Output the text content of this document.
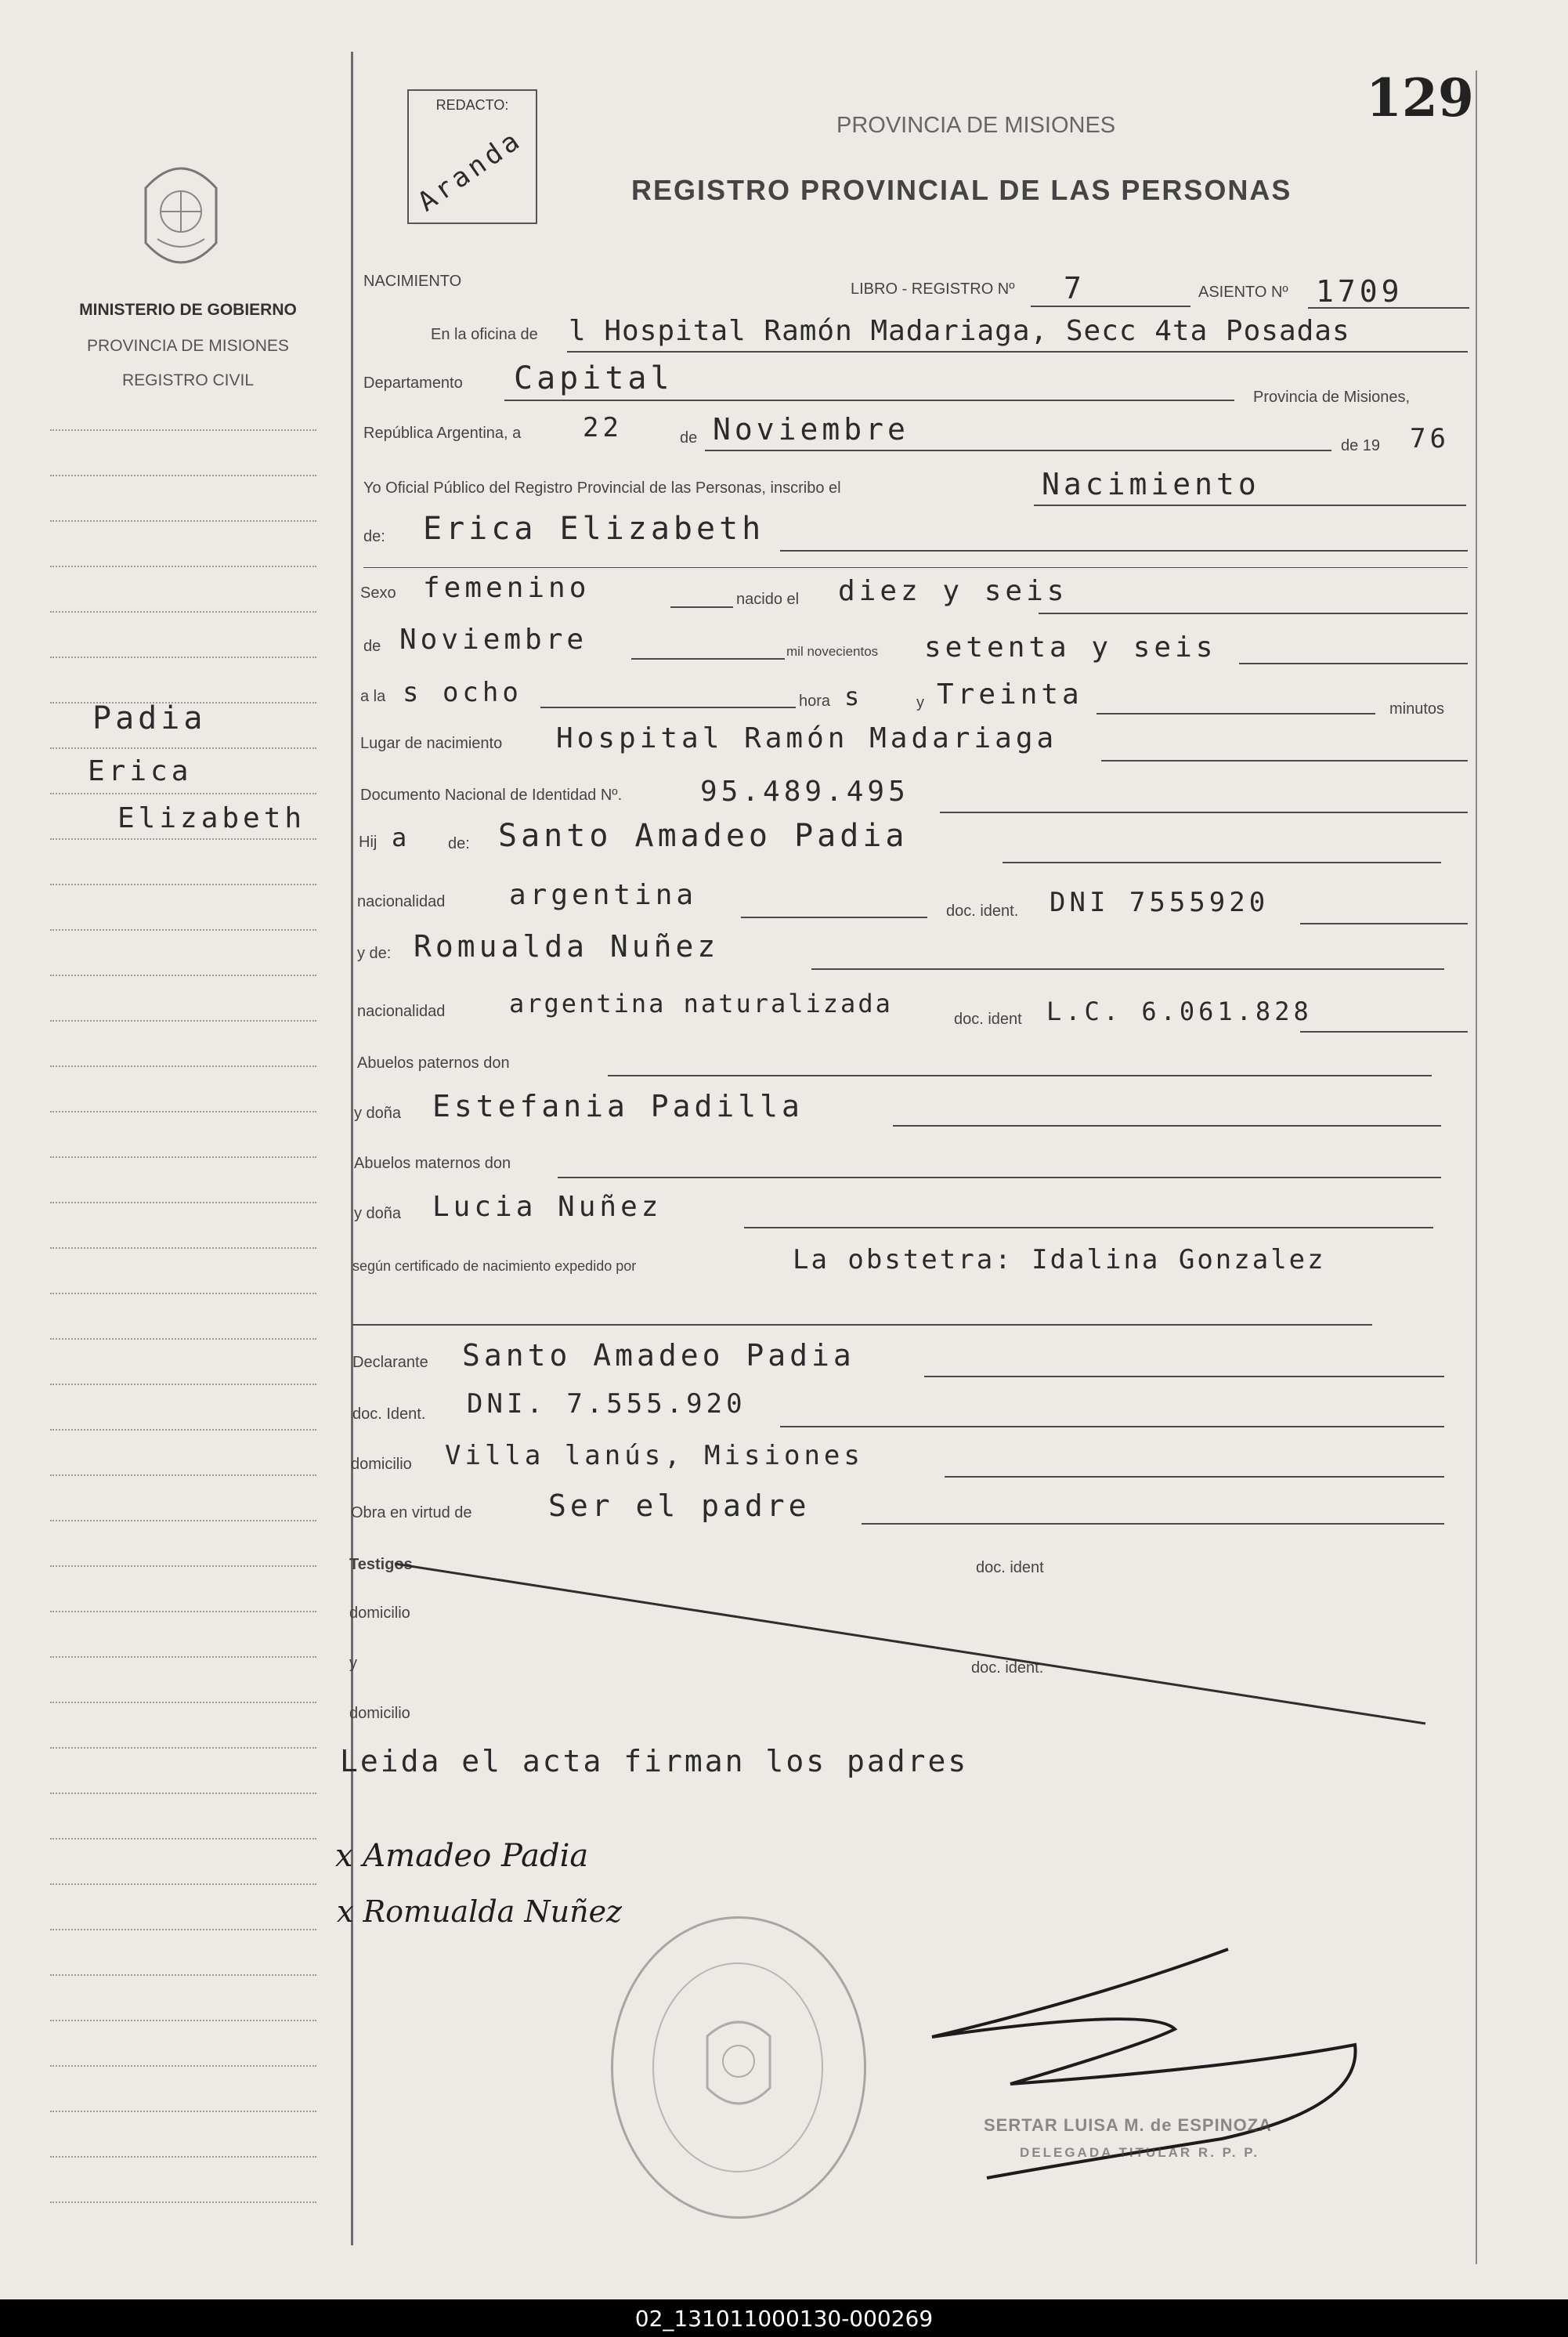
MINISTERIO DE GOBIERNO
PROVINCIA DE MISIONES
REGISTRO CIVIL
Padia
Erica
Elizabeth
129
REDACTO:
Aranda	PROVINCIA DE MISIONES
REGISTRO PROVINCIAL DE LAS PERSONAS
NACIMIENTO	LIBRO - REGISTRO Nº 7	ASIENTO Nº 1709
En la oficina de l Hospital Ramón Madariaga, Secc 4ta Posadas
Departamento Capital
Provincia de Misiones,
República Argentina, a 22	de Noviembre	de 19 76
Yo Oficial Público del Registro Provincial de las Personas, inscribo el	Nacimiento
de: Erica Elizabeth
Sexo femenino	nacido el diez y seis
de Noviembre	mil novecientos setenta y seis
a la s ocho	hora s	y Treinta	minutos
Lugar de nacimiento Hospital Ramón Madariaga
Documento Nacional de Identidad Nº.	95.489.495
Hij a de: Santo Amadeo Padia
nacionalidad argentina	doc. ident. DNI 7555920
y de: Romualda Nuñez
nacionalidad	argentina naturalizada
doc. ident L.C. 6.061.828
Abuelos paternos don
y doña Estefania Padilla
Abuelos maternos don
y doña Lucia Nuñez
según certificado de nacimiento expedido por	La obstetra: Idalina Gonzalez
Declarante Santo Amadeo Padia
doc. Ident. DNI. 7.555.920
domicilio Villa lanús, Misiones
Obra en virtud de	Ser el padre
Testigos	doc. ident
domicilio
y	doc. ident.
domicilio
Leida el acta firman los padres
x Amadeo Padia
x Romualda Nuñez
SERTAR LUISA M. de ESPINOZA
DELEGADA TITULAR R. P. P.
02_131011000130-000269
